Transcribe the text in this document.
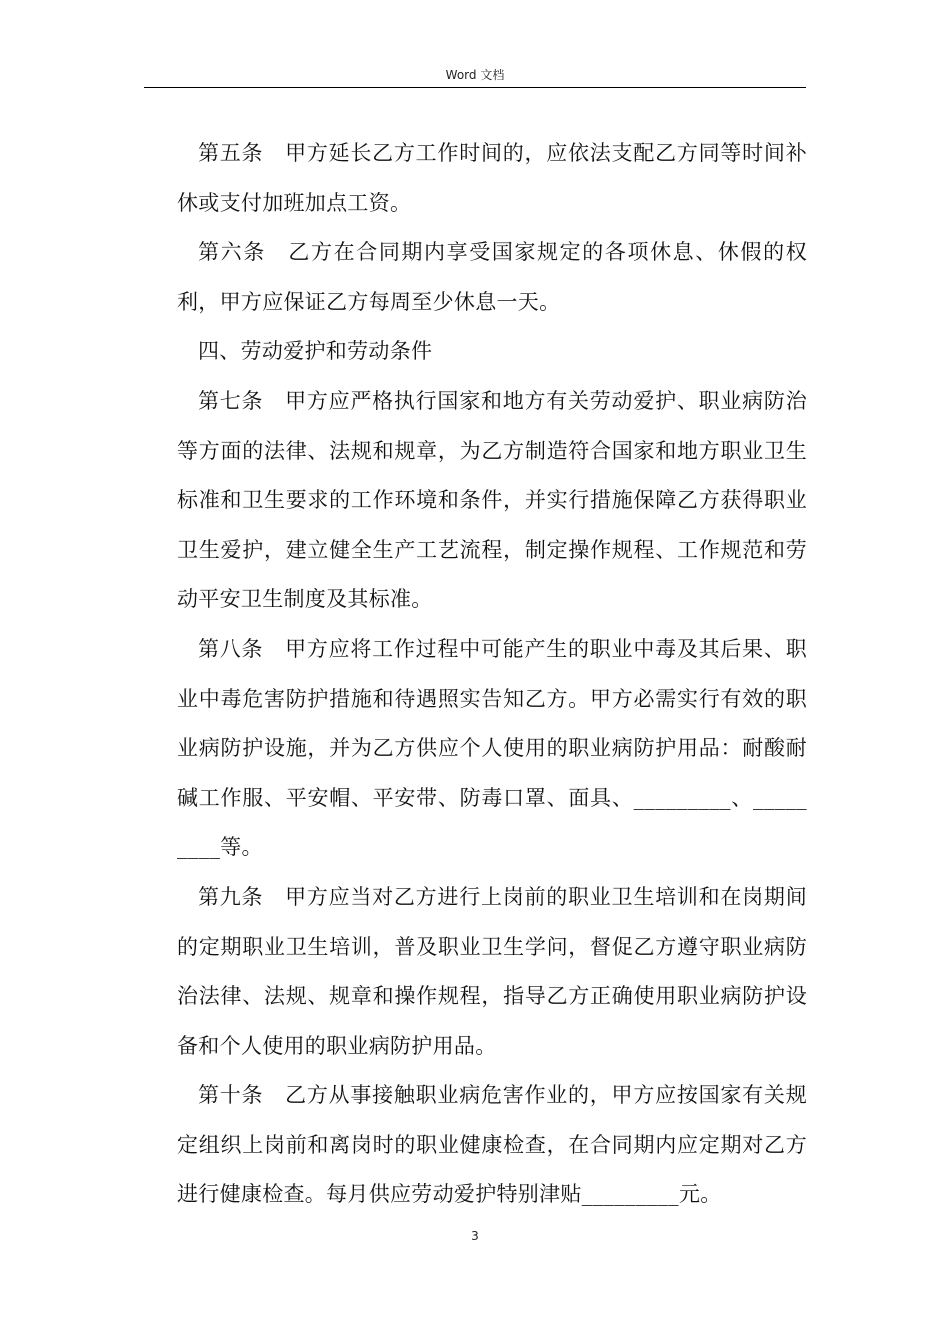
Word 文档

第五条　甲方延长乙方工作时间的，应依法支配乙方同等时间补休或支付加班加点工资。

第六条　乙方在合同期内享受国家规定的各项休息、休假的权利，甲方应保证乙方每周至少休息一天。

四、劳动爱护和劳动条件

第七条　甲方应严格执行国家和地方有关劳动爱护、职业病防治等方面的法律、法规和规章，为乙方制造符合国家和地方职业卫生标准和卫生要求的工作环境和条件，并实行措施保障乙方获得职业卫生爱护，建立健全生产工艺流程，制定操作规程、工作规范和劳动平安卫生制度及其标准。

第八条　甲方应将工作过程中可能产生的职业中毒及其后果、职业中毒危害防护措施和待遇照实告知乙方。甲方必需实行有效的职业病防护设施，并为乙方供应个人使用的职业病防护用品：耐酸耐碱工作服、平安帽、平安带、防毒口罩、面具、_________、_________等。

第九条　甲方应当对乙方进行上岗前的职业卫生培训和在岗期间的定期职业卫生培训，普及职业卫生学问，督促乙方遵守职业病防治法律、法规、规章和操作规程，指导乙方正确使用职业病防护设备和个人使用的职业病防护用品。

第十条　乙方从事接触职业病危害作业的，甲方应按国家有关规定组织上岗前和离岗时的职业健康检查，在合同期内应定期对乙方进行健康检查。每月供应劳动爱护特别津贴_________元。

3
